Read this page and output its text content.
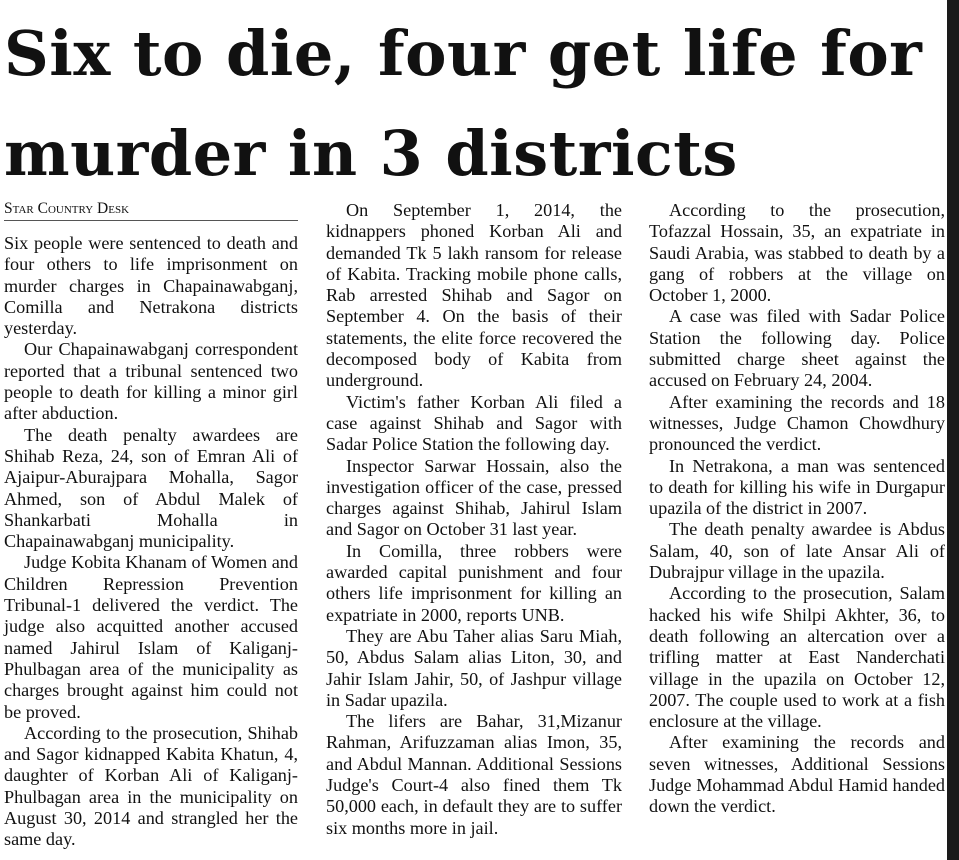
Six to die, four get life for
murder in 3 districts
Star Country Desk

Six people were sentenced to death and four others to life imprisonment on murder charges in Chapainawabganj, Comilla and Netrakona districts yesterday.

Our Chapainawabganj correspondent reported that a tribunal sentenced two people to death for killing a minor girl after abduction.

The death penalty awardees are Shihab Reza, 24, son of Emran Ali of Ajaipur-Aburajpara Mohalla, Sagor Ahmed, son of Abdul Malek of Shankarbati Mohalla in Chapainawabganj municipality.

Judge Kobita Khanam of Women and Children Repression Prevention Tribunal-1 delivered the verdict. The judge also acquitted another accused named Jahirul Islam of Kaliganj-Phulbagan area of the municipality as charges brought against him could not be proved.

According to the prosecution, Shihab and Sagor kidnapped Kabita Khatun, 4, daughter of Korban Ali of Kaliganj-Phulbagan area in the municipality on August 30, 2014 and strangled her the same day.

On September 1, 2014, the kidnappers phoned Korban Ali and demanded Tk 5 lakh ransom for release of Kabita. Tracking mobile phone calls, Rab arrested Shihab and Sagor on September 4. On the basis of their statements, the elite force recovered the decomposed body of Kabita from underground.

Victim's father Korban Ali filed a case against Shihab and Sagor with Sadar Police Station the following day.

Inspector Sarwar Hossain, also the investigation officer of the case, pressed charges against Shihab, Jahirul Islam and Sagor on October 31 last year.

In Comilla, three robbers were awarded capital punishment and four others life imprisonment for killing an expatriate in 2000, reports UNB.

They are Abu Taher alias Saru Miah, 50, Abdus Salam alias Liton, 30, and Jahir Islam Jahir, 50, of Jashpur village in Sadar upazila.

The lifers are Bahar, 31,Mizanur Rahman, Arifuzzaman alias Imon, 35, and Abdul Mannan. Additional Sessions Judge's Court-4 also fined them Tk 50,000 each, in default they are to suffer six months more in jail.

According to the prosecution, Tofazzal Hossain, 35, an expatriate in Saudi Arabia, was stabbed to death by a gang of robbers at the village on October 1, 2000.

A case was filed with Sadar Police Station the following day. Police submitted charge sheet against the accused on February 24, 2004.

After examining the records and 18 witnesses, Judge Chamon Chowdhury pronounced the verdict.

In Netrakona, a man was sentenced to death for killing his wife in Durgapur upazila of the district in 2007.

The death penalty awardee is Abdus Salam, 40, son of late Ansar Ali of Dubrajpur village in the upazila.

According to the prosecution, Salam hacked his wife Shilpi Akhter, 36, to death following an altercation over a trifling matter at East Nanderchati village in the upazila on October 12, 2007. The couple used to work at a fish enclosure at the village.

After examining the records and seven witnesses, Additional Sessions Judge Mohammad Abdul Hamid handed down the verdict.
